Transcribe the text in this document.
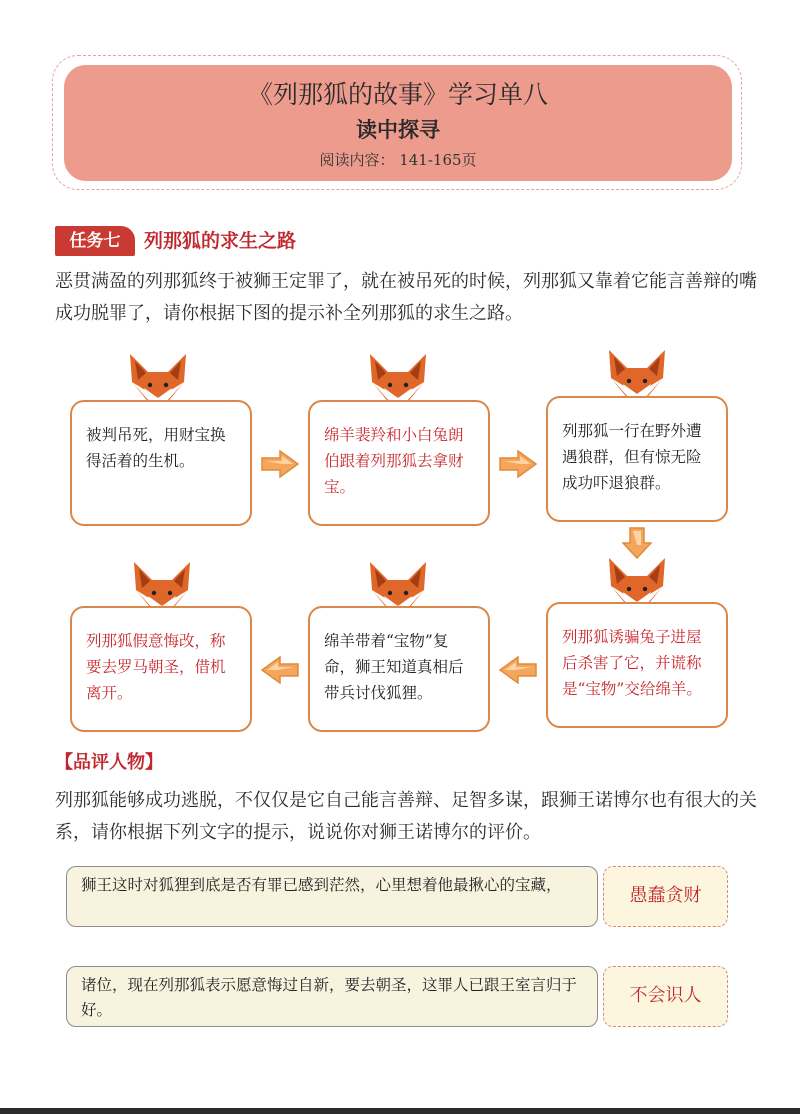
《列那狐的故事》学习单八
读中探寻
阅读内容： 141-165页
任务七	列那狐的求生之路
恶贯满盈的列那狐终于被狮王定罪了，就在被吊死的时候，列那狐又靠着它能言善辩的嘴成功脱罪了，请你根据下图的提示补全列那狐的求生之路。
被判吊死，用财宝换得活着的生机。
绵羊裴羚和小白兔朗伯跟着列那狐去拿财宝。
列那狐一行在野外遭遇狼群，但有惊无险成功吓退狼群。
列那狐假意悔改，称要去罗马朝圣，借机离开。
绵羊带着“宝物”复命，狮王知道真相后带兵讨伐狐狸。
列那狐诱骗兔子进屋后杀害了它，并谎称是“宝物”交给绵羊。
【品评人物】
列那狐能够成功逃脱，不仅仅是它自己能言善辩、足智多谋，跟狮王诺博尔也有很大的关系，请你根据下列文字的提示，说说你对狮王诺博尔的评价。
狮王这时对狐狸到底是否有罪已感到茫然，心里想着他最揪心的宝藏，	愚蠢贪财
诸位，现在列那狐表示愿意悔过自新，要去朝圣，这罪人已跟王室言归于好。
不会识人
